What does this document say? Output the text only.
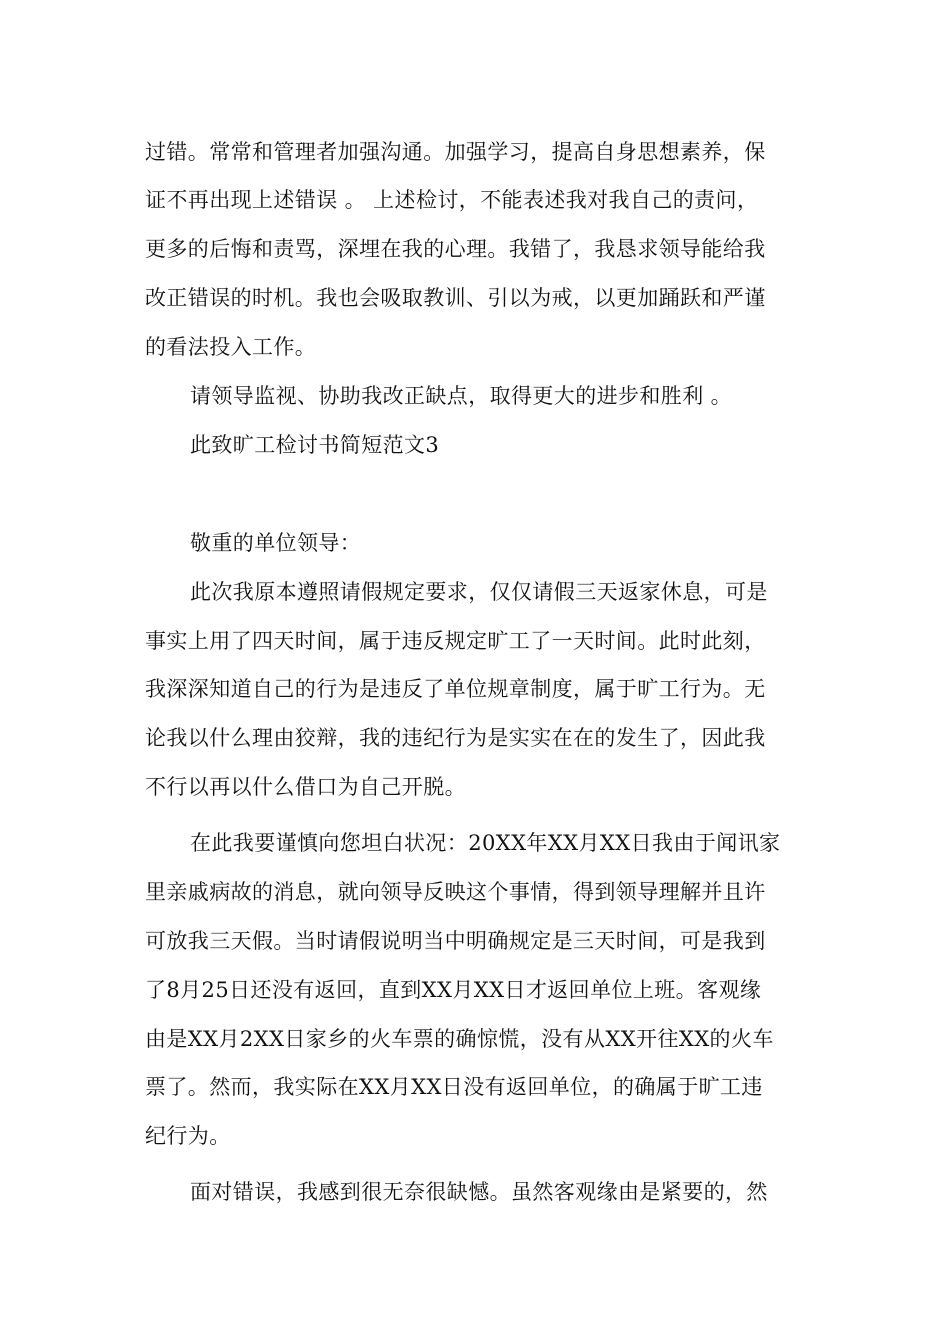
过错。常常和管理者加强沟通。加强学习，提高自身思想素养，保
证不再出现上述错误 。 上述检讨，不能表述我对我自己的责问，
更多的后悔和责骂，深埋在我的心理。我错了，我恳求领导能给我
改正错误的时机。我也会吸取教训、引以为戒，以更加踊跃和严谨
的看法投入工作。
请领导监视、协助我改正缺点，取得更大的进步和胜利 。
此致旷工检讨书简短范文3
敬重的单位领导：
此次我原本遵照请假规定要求，仅仅请假三天返家休息，可是
事实上用了四天时间，属于违反规定旷工了一天时间。此时此刻，
我深深知道自己的行为是违反了单位规章制度，属于旷工行为。无
论我以什么理由狡辩，我的违纪行为是实实在在的发生了，因此我
不行以再以什么借口为自己开脱。
在此我要谨慎向您坦白状况：20XX年XX月XX日我由于闻讯家
里亲戚病故的消息，就向领导反映这个事情，得到领导理解并且许
可放我三天假。当时请假说明当中明确规定是三天时间，可是我到
了8月25日还没有返回，直到XX月XX日才返回单位上班。客观缘
由是XX月2XX日家乡的火车票的确惊慌，没有从XX开往XX的火车
票了。然而，我实际在XX月XX日没有返回单位，的确属于旷工违
纪行为。
面对错误，我感到很无奈很缺憾。虽然客观缘由是紧要的，然
